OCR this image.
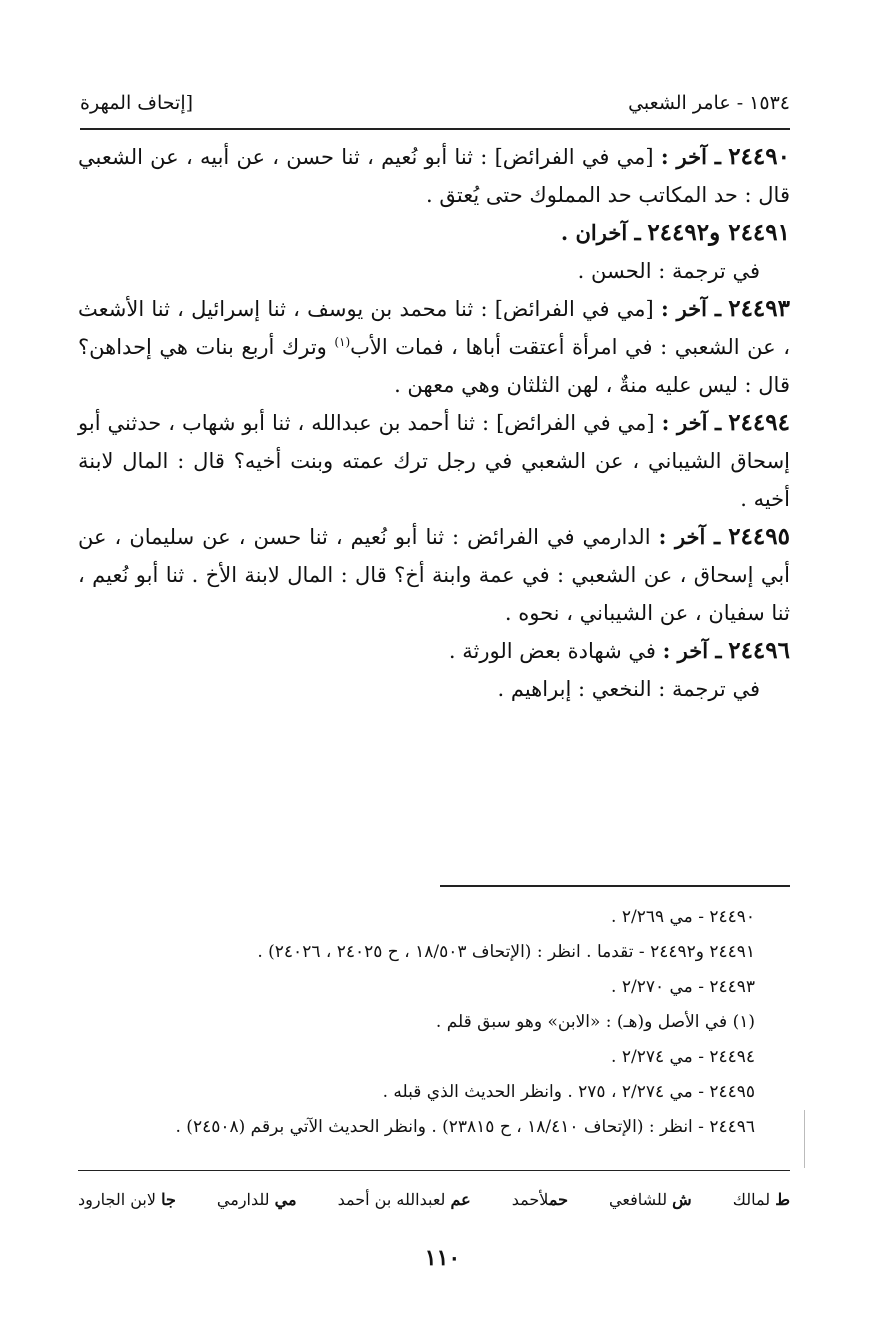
١٥٣٤ - عامر الشعبي
[إتحاف المهرة

٢٤٤٩٠ ـ آخر : [مي في الفرائض] : ثنا أبو نُعيم ، ثنا حسن ، عن أبيه ، عن الشعبي قال : حد المكاتب حد المملوك حتى يُعتق .

٢٤٤٩١ و٢٤٤٩٢ ـ آخران .

في ترجمة : الحسن .

٢٤٤٩٣ ـ آخر : [مي في الفرائض] : ثنا محمد بن يوسف ، ثنا إسرائيل ، ثنا الأشعث ، عن الشعبي : في امرأة أعتقت أباها ، فمات الأب$^{(١)}$ وترك أربع بنات هي إحداهن؟ قال : ليس عليه منةٌ ، لهن الثلثان وهي معهن .

٢٤٤٩٤ ـ آخر : [مي في الفرائض] : ثنا أحمد بن عبدالله ، ثنا أبو شهاب ، حدثني أبو إسحاق الشيباني ، عن الشعبي في رجل ترك عمته وبنت أخيه؟ قال : المال لابنة أخيه .

٢٤٤٩٥ ـ آخر : الدارمي في الفرائض : ثنا أبو نُعيم ، ثنا حسن ، عن سليمان ، عن أبي إسحاق ، عن الشعبي : في عمة وابنة أخ؟ قال : المال لابنة الأخ . ثنا أبو نُعيم ، ثنا سفيان ، عن الشيباني ، نحوه .

٢٤٤٩٦ ـ آخر : في شهادة بعض الورثة .

في ترجمة : النخعي : إبراهيم .

٢٤٤٩٠ - مي ٢/٢٦٩ .

٢٤٤٩١ و٢٤٤٩٢ - تقدما . انظر : (الإتحاف ١٨/٥٠٣ ، ح ٢٤٠٢٥ ، ٢٤٠٢٦) .

٢٤٤٩٣ - مي ٢/٢٧٠ .

(١) في الأصل و(هـ) : «الابن» وهو سبق قلم .

٢٤٤٩٤ - مي ٢/٢٧٤ .

٢٤٤٩٥ - مي ٢/٢٧٤ ، ٢٧٥ . وانظر الحديث الذي قبله .

٢٤٤٩٦ - انظر : (الإتحاف ١٨/٤١٠ ، ح ٢٣٨١٥) . وانظر الحديث الآتي برقم (٢٤٥٠٨) .

ط لمالك
ش للشافعي
حملأحمد
عم لعبدالله بن أحمد
مي للدارمي
جا لابن الجارود
١١٠
